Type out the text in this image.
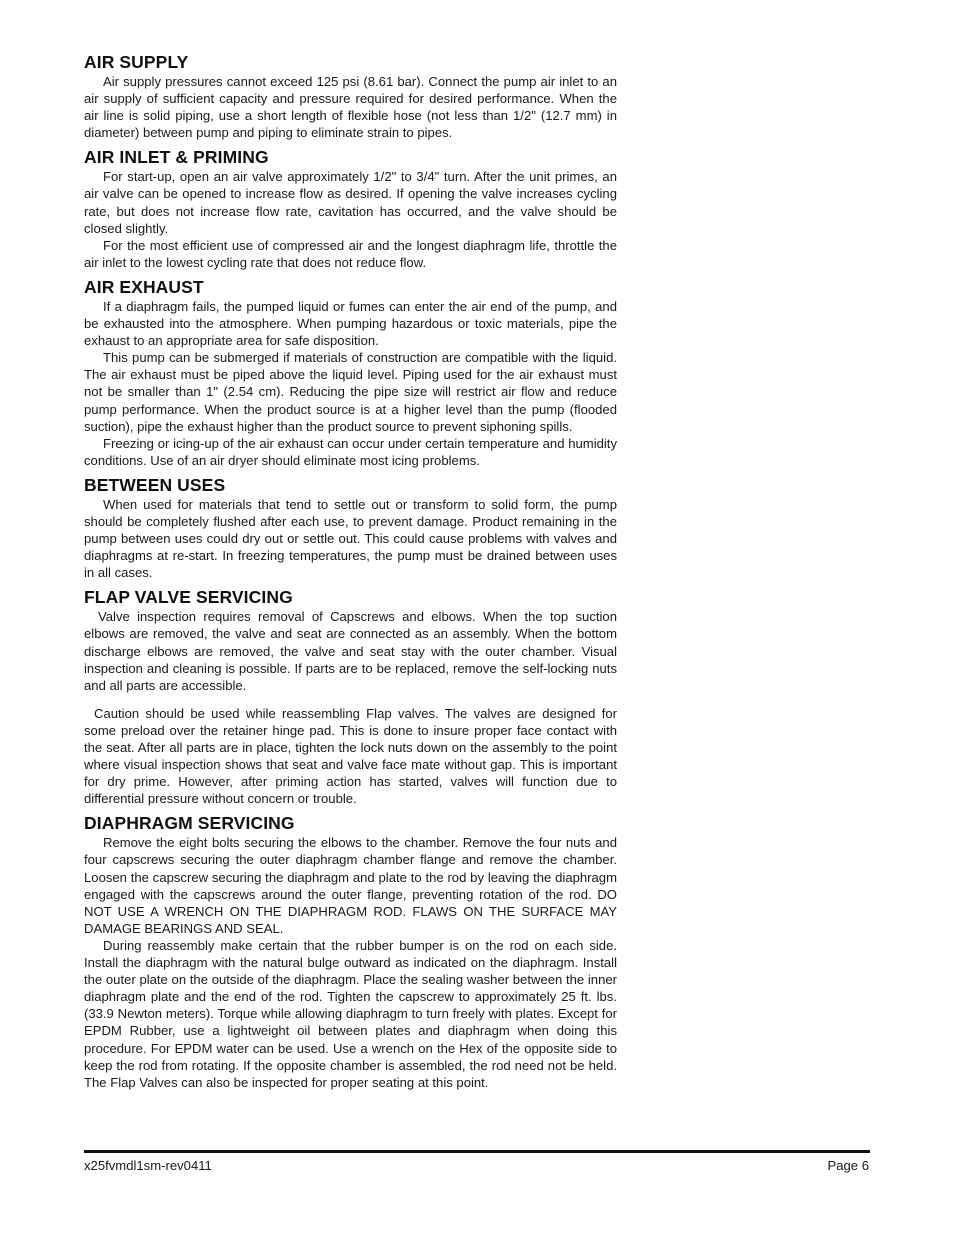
AIR SUPPLY

Air supply pressures cannot exceed 125 psi (8.61 bar). Connect the pump air inlet to an air supply of sufficient capacity and pressure required for desired performance. When the air line is solid piping, use a short length of flexible hose (not less than 1/2" (12.7 mm) in diameter) between pump and piping to eliminate strain to pipes.

AIR INLET & PRIMING

For start-up, open an air valve approximately 1/2" to 3/4" turn. After the unit primes, an air valve can be opened to increase flow as desired. If opening the valve increases cycling rate, but does not increase flow rate, cavitation has occurred, and the valve should be closed slightly.

For the most efficient use of compressed air and the longest diaphragm life, throttle the air inlet to the lowest cycling rate that does not reduce flow.

AIR EXHAUST

If a diaphragm fails, the pumped liquid or fumes can enter the air end of the pump, and be exhausted into the atmosphere. When pumping hazardous or toxic materials, pipe the exhaust to an appropriate area for safe disposition.

This pump can be submerged if materials of construction are compatible with the liquid. The air exhaust must be piped above the liquid level. Piping used for the air exhaust must not be smaller than 1" (2.54 cm). Reducing the pipe size will restrict air flow and reduce pump performance. When the product source is at a higher level than the pump (flooded suction), pipe the exhaust higher than the product source to prevent siphoning spills.

Freezing or icing-up of the air exhaust can occur under certain temperature and humidity conditions. Use of an air dryer should eliminate most icing problems.

BETWEEN USES

When used for materials that tend to settle out or transform to solid form, the pump should be completely flushed after each use, to prevent damage. Product remaining in the pump between uses could dry out or settle out. This could cause problems with valves and diaphragms at re-start. In freezing temperatures, the pump must be drained between uses in all cases.

FLAP VALVE SERVICING

Valve inspection requires removal of Capscrews and elbows. When the top suction elbows are removed, the valve and seat are connected as an assembly. When the bottom discharge elbows are removed, the valve and seat stay with the outer chamber. Visual inspection and cleaning is possible. If parts are to be replaced, remove the self-locking nuts and all parts are accessible.

Caution should be used while reassembling Flap valves. The valves are designed for some preload over the retainer hinge pad. This is done to insure proper face contact with the seat. After all parts are in place, tighten the lock nuts down on the assembly to the point where visual inspection shows that seat and valve face mate without gap. This is important for dry prime. However, after priming action has started, valves will function due to differential pressure without concern or trouble.

DIAPHRAGM SERVICING

Remove the eight bolts securing the elbows to the chamber. Remove the four nuts and four capscrews securing the outer diaphragm chamber flange and remove the chamber. Loosen the capscrew securing the diaphragm and plate to the rod by leaving the diaphragm engaged with the capscrews around the outer flange, preventing rotation of the rod. DO NOT USE A WRENCH ON THE DIAPHRAGM ROD. FLAWS ON THE SURFACE MAY DAMAGE BEARINGS AND SEAL.

During reassembly make certain that the rubber bumper is on the rod on each side. Install the diaphragm with the natural bulge outward as indicated on the diaphragm. Install the outer plate on the outside of the diaphragm. Place the sealing washer between the inner diaphragm plate and the end of the rod. Tighten the capscrew to approximately 25 ft. lbs. (33.9 Newton meters). Torque while allowing diaphragm to turn freely with plates. Except for EPDM Rubber, use a lightweight oil between plates and diaphragm when doing this procedure. For EPDM water can be used. Use a wrench on the Hex of the opposite side to keep the rod from rotating. If the opposite chamber is assembled, the rod need not be held. The Flap Valves can also be inspected for proper seating at this point.

x25fvmdl1sm-rev0411	Page 6
